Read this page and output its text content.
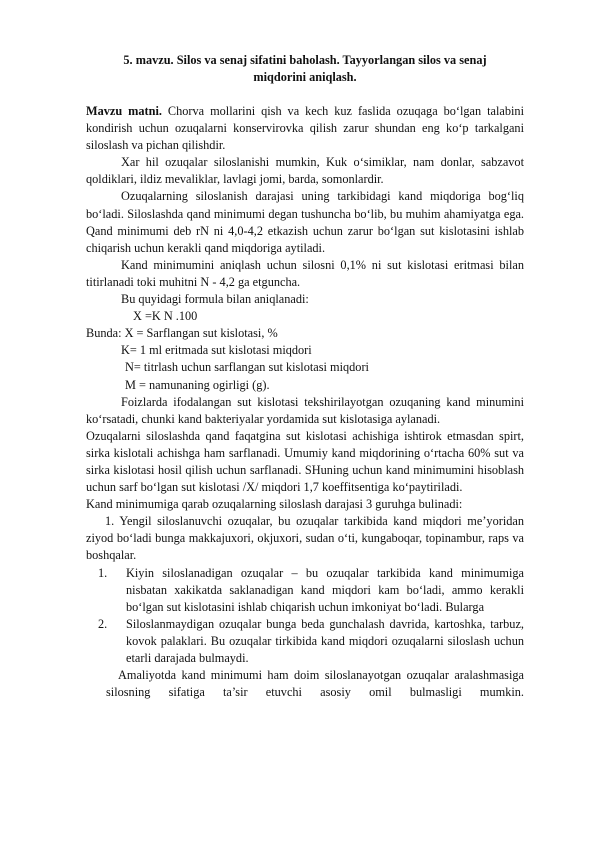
5. mavzu. Silos va senaj sifatini baholash. Tayyorlangan silos va senaj miqdorini aniqlash.

Mavzu matni. Chorva mollarini qish va kech kuz faslida ozuqaga bo‘lgan talabini kondirish uchun ozuqalarni konservirovka qilish zarur shundan eng ko‘p tarkalgani siloslash va pichan qilishdir.

Xar hil ozuqalar siloslanishi mumkin, Kuk o‘simiklar, nam donlar, sabzavot qoldiklari, ildiz mevaliklar, lavlagi jomi, barda, somonlardir.

Ozuqalarning siloslanish darajasi uning tarkibidagi kand miqdoriga bog‘liq bo‘ladi. Siloslashda qand minimumi degan tushuncha bo‘lib, bu muhim ahamiyatga ega. Qand minimumi deb rN ni 4,0-4,2 etkazish uchun zarur bo‘lgan sut kislotasini ishlab chiqarish uchun kerakli qand miqdoriga aytiladi.

Kand minimumini aniqlash uchun silosni 0,1% ni sut kislotasi eritmasi bilan titirlanadi toki muhitni N - 4,2 ga etguncha.

Bu quyidagi formula bilan aniqlanadi:

X =K N .100

Bunda: X = Sarflangan sut kislotasi, %

K= 1 ml eritmada sut kislotasi miqdori

N= titrlash uchun sarflangan sut kislotasi miqdori

M = namunaning ogirligi (g).

Foizlarda ifodalangan sut kislotasi tekshirilayotgan ozuqaning kand minumini ko‘rsatadi, chunki kand bakteriyalar yordamida sut kislotasiga aylanadi.

Ozuqalarni siloslashda qand faqatgina sut kislotasi achishiga ishtirok etmasdan spirt, sirka kislotali achishga ham sarflanadi. Umumiy kand miqdorining o‘rtacha 60% sut va sirka kislotasi hosil qilish uchun sarflanadi. SHuning uchun kand minimumini hisoblash uchun sarf bo‘lgan sut kislotasi /X/ miqdori 1,7 koeffitsentiga ko‘paytiriladi.

Kand minimumiga qarab ozuqalarning siloslash darajasi 3 guruhga bulinadi:

1. Yengil siloslanuvchi ozuqalar, bu ozuqalar tarkibida kand miqdori me’yoridan ziyod bo‘ladi bunga makkajuxori, okjuxori, sudan o‘ti, kungaboqar, topinambur, raps va boshqalar.

1. Kiyin siloslanadigan ozuqalar – bu ozuqalar tarkibida kand minimumiga nisbatan xakikatda saklanadigan kand miqdori kam bo‘ladi, ammo kerakli bo‘lgan sut kislotasini ishlab chiqarish uchun imkoniyat bo‘ladi. Bularga
2. Siloslanmaydigan ozuqalar bunga beda gunchalash davrida, kartoshka, tarbuz, kovok palaklari. Bu ozuqalar tirkibida kand miqdori ozuqalarni siloslash uchun etarli darajada bulmaydi.

Amaliyotda kand minimumi ham doim siloslanayotgan ozuqalar aralashmasiga silosning sifatiga ta’sir etuvchi asosiy omil bulmasligi mumkin.
